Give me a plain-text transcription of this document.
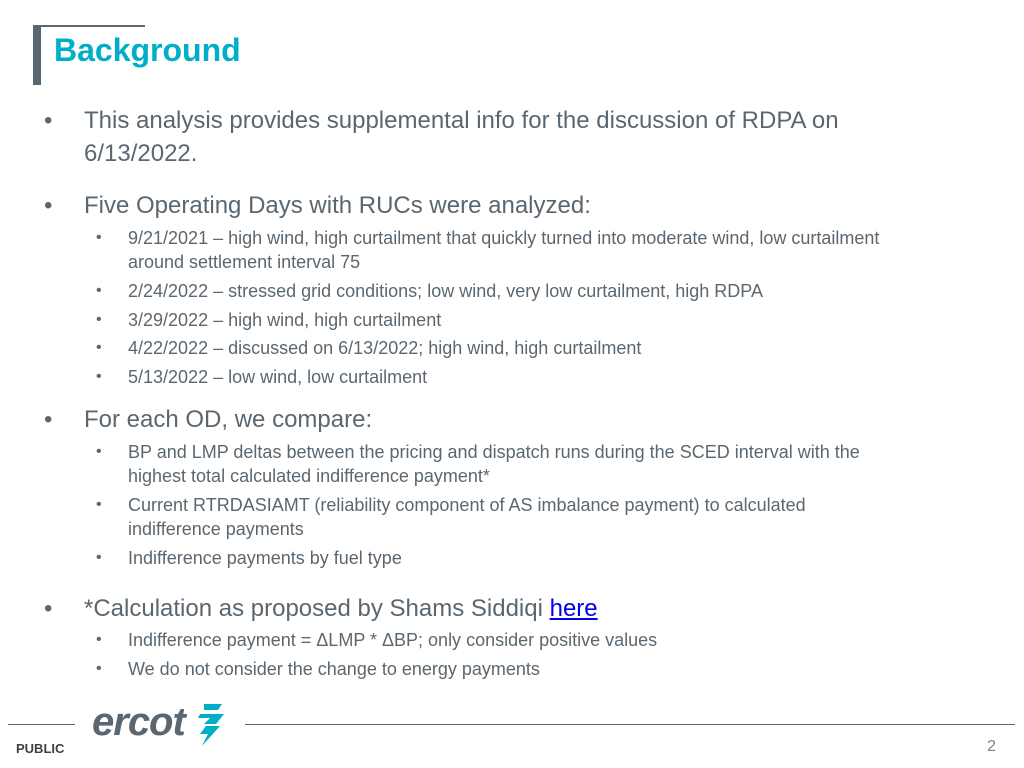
Background
• This analysis provides supplemental info for the discussion of RDPA on
6/13/2022.
• Five Operating Days with RUCs were analyzed:
• 9/21/2021 – high wind, high curtailment that quickly turned into moderate wind, low curtailment
around settlement interval 75
• 2/24/2022 – stressed grid conditions; low wind, very low curtailment, high RDPA
• 3/29/2022 – high wind, high curtailment
• 4/22/2022 – discussed on 6/13/2022; high wind, high curtailment
• 5/13/2022 – low wind, low curtailment
• For each OD, we compare:
• BP and LMP deltas between the pricing and dispatch runs during the SCED interval with the
highest total calculated indifference payment*
• Current RTRDASIAMT (reliability component of AS imbalance payment) to calculated
indifference payments
• Indifference payments by fuel type
• *Calculation as proposed by Shams Siddiqi here
• Indifference payment = ΔLMP * ΔBP; only consider positive values
• We do not consider the change to energy payments
ercot
PUBLIC	2
